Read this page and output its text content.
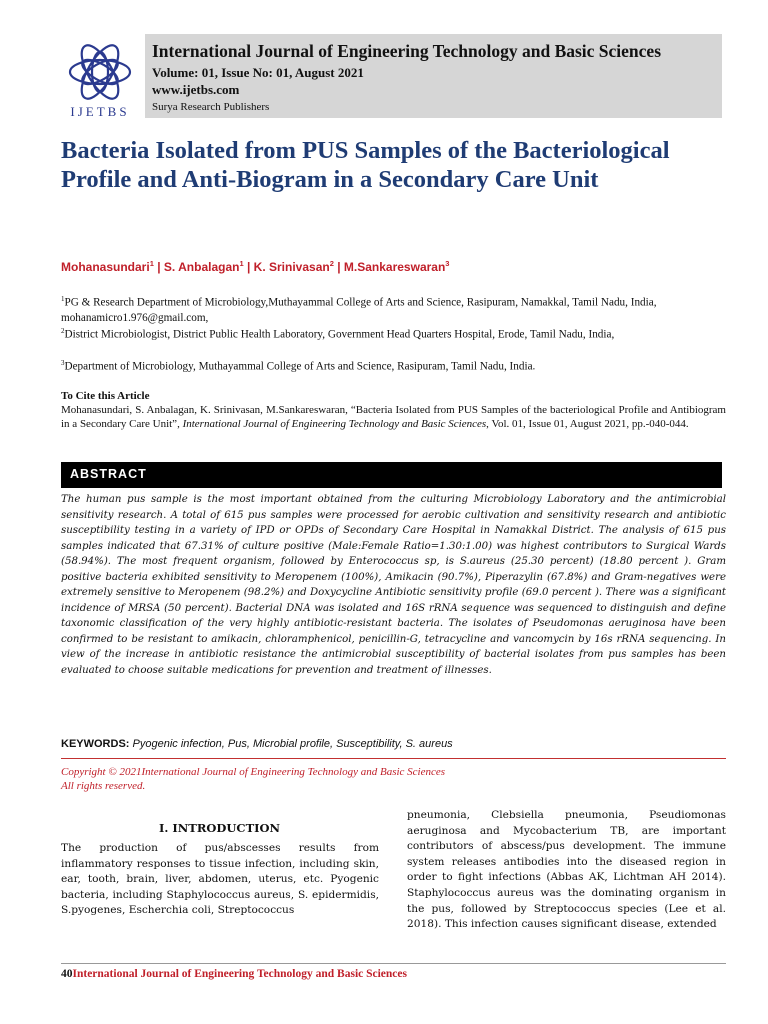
IJETBS
International Journal of Engineering Technology and Basic Sciences
Volume: 01, Issue No: 01, August 2021
www.ijetbs.com
Surya Research Publishers
Bacteria Isolated from PUS Samples of the Bacteriological Profile and Anti-Biogram in a Secondary Care Unit
Mohanasundari$^1$ | S. Anbalagan$^1$ | K. Srinivasan$^2$ | M.Sankareswaran$^3$
$^1$PG & Research Department of Microbiology,Muthayammal College of Arts and Science, Rasipuram, Namakkal, Tamil Nadu, India, mohanamicro1.976@gmail.com,
$^2$District Microbiologist, District Public Health Laboratory, Government Head Quarters Hospital, Erode, Tamil Nadu, India,
$^3$Department of Microbiology, Muthayammal College of Arts and Science, Rasipuram, Tamil Nadu, India.
To Cite this Article
Mohanasundari, S. Anbalagan, K. Srinivasan, M.Sankareswaran, “Bacteria Isolated from PUS Samples of the bacteriological Profile and Antibiogram in a Secondary Care Unit”, International Journal of Engineering Technology and Basic Sciences, Vol. 01, Issue 01, August 2021, pp.-040-044.
ABSTRACT
The human pus sample is the most important obtained from the culturing Microbiology Laboratory and the antimicrobial sensitivity research. A total of 615 pus samples were processed for aerobic cultivation and sensitivity research and antibiotic susceptibility testing in a variety of IPD or OPDs of Secondary Care Hospital in Namakkal District. The analysis of 615 pus samples indicated that 67.31% of culture positive (Male:Female Ratio=1.30:1.00) was highest contributors to Surgical Wards (58.94%). The most frequent organism, followed by Enterococcus sp, is S.aureus (25.30 percent) (18.80 percent ). Gram positive bacteria exhibited sensitivity to Meropenem (100%), Amikacin (90.7%), Piperazylin (67.8%) and Gram-negatives were extremely sensitive to Meropenem (98.2%) and Doxycycline Antibiotic sensitivity profile (69.0 percent ). There was a significant incidence of MRSA (50 percent). Bacterial DNA was isolated and 16S rRNA sequence was sequenced to distinguish and define taxonomic classification of the very highly antibiotic-resistant bacteria. The isolates of Pseudomonas aeruginosa have been confirmed to be resistant to amikacin, chloramphenicol, penicillin-G, tetracycline and vancomycin by 16s rRNA sequencing. In view of the increase in antibiotic resistance the antimicrobial susceptibility of bacterial isolates from pus samples has been evaluated to choose suitable medications for prevention and treatment of illnesses.
KEYWORDS: Pyogenic infection, Pus, Microbial profile, Susceptibility, S. aureus
Copyright © 2021International Journal of Engineering Technology and Basic Sciences
All rights reserved.
I. INTRODUCTION
The production of pus/abscesses results from inflammatory responses to tissue infection, including skin, ear, tooth, brain, liver, abdomen, uterus, etc. Pyogenic bacteria, including Staphylococcus aureus, S. epidermidis, S.pyogenes, Escherchia coli, Streptococcus
pneumonia, Clebsiella pneumonia, Pseudiomonas aeruginosa and Mycobacterium TB, are important contributors of abscess/pus development. The immune system releases antibodies into the diseased region in order to fight infections (Abbas AK, Lichtman AH 2014). Staphylococcus aureus was the dominating organism in the pus, followed by Streptococcus species (Lee et al. 2018). This infection causes significant disease, extended
40International Journal of Engineering Technology and Basic Sciences
